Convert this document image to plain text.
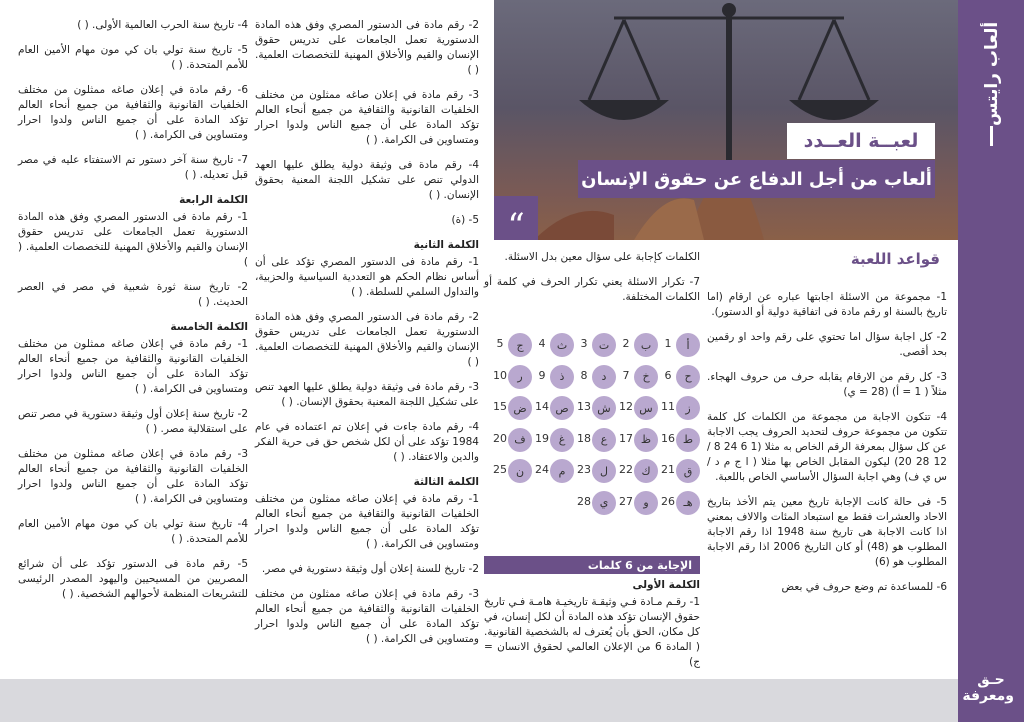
ألعاب رايتس
حـق ومعرفة
لعبــة العــدد
ألعاب من أجل الدفاع عن حقوق الإنسان
“
قواعد اللعبة

1- مجموعة من الاسئلة اجابتها عباره عن ارقام (اما تاريخ بالسنة او رقم مادة فى اتفاقية دولية أو الدستور).

2- كل اجابة سؤال اما تحتوي على رقم واحد او رقمين بحد أقصى.

3- كل رقم من الارقام يقابله حرف من حروف الهجاء. مثلاً ( 1 = أ) (28 = ي)

4- تتكون الاجابة من مجموعة من الكلمات كل كلمة تتكون من مجموعة حروف لتحديد الحروف يجب الاجابة عن كل سؤال بمعرفة الرقم الخاص به مثلا (1 6 24 8 / 12 28 20) ليكون المقابل الخاص بها مثلا ( ا ج م د / س ي ف) وهي اجابة السؤال الأساسي الخاص باللعبة.

5- فى حالة كانت الإجابة تاريخ معين يتم الأخذ بتاريخ الاحاد والعشرات فقط مع استبعاد المئات والالاف بمعني اذا كانت الاجابة هى تاريخ سنة 1948 اذا رقم الاجابة المطلوب هو (48) أو كان التاريخ 2006 اذا رقم الاجابة المطلوب هو (6)

6- للمساعدة تم وضع حروف في بعض

الكلمات كإجابة على سؤال معين بدل الاسئلة.

7- تكرار الاسئلة يعني تكرار الحرف في كلمة أو الكلمات المختلفة.

أ
1
ب
2
ت
3
ث
4
ج
5
ح
6
خ
7
د
8
ذ
9
ر
10
ز
11
س
12
ش
13
ص
14
ض
15
ط
16
ظ
17
ع
18
غ
19
ف
20
ق
21
ك
22
ل
23
م
24
ن
25
هـ
26
و
27
ي
28
الإجابة من 6 كلمات
الكلمة الأولى

1- رقـم مـادة فـي وثيقـة تاريخيـة هامـة فـي تاريخ حقوق الإنسان تؤكد هذه المادة أن لكل إنسان، في كل مكان، الحق بأن يُعترف له بالشخصية القانونية. ( المادة 6 من الإعلان العالمي لحقوق الانسان = ج)

2- رقم مادة فى الدستور المصري وفق هذه المادة الدستورية تعمل الجامعات على تدريس حقوق الإنسان والقيم والأخلاق المهنية للتخصصات العلمية. ( )

3- رقم مادة في إعلان صاغه ممثلون من مختلف الخلفيات القانونية والثقافية من جميع أنحاء العالم تؤكد المادة على أن جميع الناس ولدوا احرار ومتساوين فى الكرامة. ( )

4- رقم مادة فى وثيقة دولية يطلق عليها العهد الدولي تنص على تشكيل اللجنة المعنية بحقوق الإنسان. ( )

5- (ة)

الكلمة الثانية

1- رقم مادة فى الدستور المصري تؤكد على أن أساس نظام الحكم هو التعددية السياسية والحزبية، والتداول السلمي للسلطة. ( )

2- رقم مادة فى الدستور المصري وفق هذه المادة الدستورية تعمل الجامعات على تدريس حقوق الإنسان والقيم والأخلاق المهنية للتخصصات العلمية. ( )

3- رقم مادة فى وثيقة دولية يطلق عليها العهد تنص على تشكيل اللجنة المعنية بحقوق الإنسان. ( )

4- رقم مادة جاءت في إعلان تم اعتماده في عام 1984 تؤكد على أن لكل شخص حق فى حرية الفكر والدين والاعتقاد. ( )

الكلمة الثالثة

1- رقم مادة في إعلان صاغه ممثلون من مختلف الخلفيات القانونية والثقافية من جميع أنحاء العالم تؤكد المادة على أن جميع الناس ولدوا احرار ومتساوين فى الكرامة. ( )

2- تاريخ للسنة إعلان أول وثيقة دستورية في مصر.

3- رقم مادة في إعلان صاغه ممثلون من مختلف الخلفيات القانونية والثقافية من جميع أنحاء العالم تؤكد المادة على أن جميع الناس ولدوا احرار ومتساوين فى الكرامة. ( )

4- تاريخ سنة الحرب العالمية الأولى. ( )

5- تاريخ سنة تولي بان كي مون مهام الأمين العام للأمم المتحدة. ( )

6- رقم مادة في إعلان صاغه ممثلون من مختلف الخلفيات القانونية والثقافية من جميع أنحاء العالم تؤكد المادة على أن جميع الناس ولدوا احرار ومتساوين فى الكرامة. ( )

7- تاريخ سنة آخر دستور تم الاستفتاء عليه في مصر قبل تعديله. ( )

الكلمة الرابعة

1- رقم مادة فى الدستور المصري وفق هذه المادة الدستورية تعمل الجامعات على تدريس حقوق الإنسان والقيم والأخلاق المهنية للتخصصات العلمية. ( )

2- تاريخ سنة ثورة شعبية في مصر في العصر الحديث. ( )

الكلمة الخامسة

1- رقم مادة في إعلان صاغه ممثلون من مختلف الخلفيات القانونية والثقافية من جميع أنحاء العالم تؤكد المادة على أن جميع الناس ولدوا احرار ومتساوين فى الكرامة. ( )

2- تاريخ سنة إعلان أول وثيقة دستورية في مصر تنص على استقلالية مصر. ( )

3- رقم مادة في إعلان صاغه ممثلون من مختلف الخلفيات القانونية والثقافية من جميع أنحاء العالم تؤكد المادة على أن جميع الناس ولدوا احرار ومتساوين فى الكرامة. ( )

4- تاريخ سنة تولي بان كي مون مهام الأمين العام للأمم المتحدة. ( )

5- رقم مادة فى الدستور تؤكد على أن شرائع المصريين من المسيحيين واليهود المصدر الرئيسى للتشريعات المنظمة لأحوالهم الشخصية. ( )
